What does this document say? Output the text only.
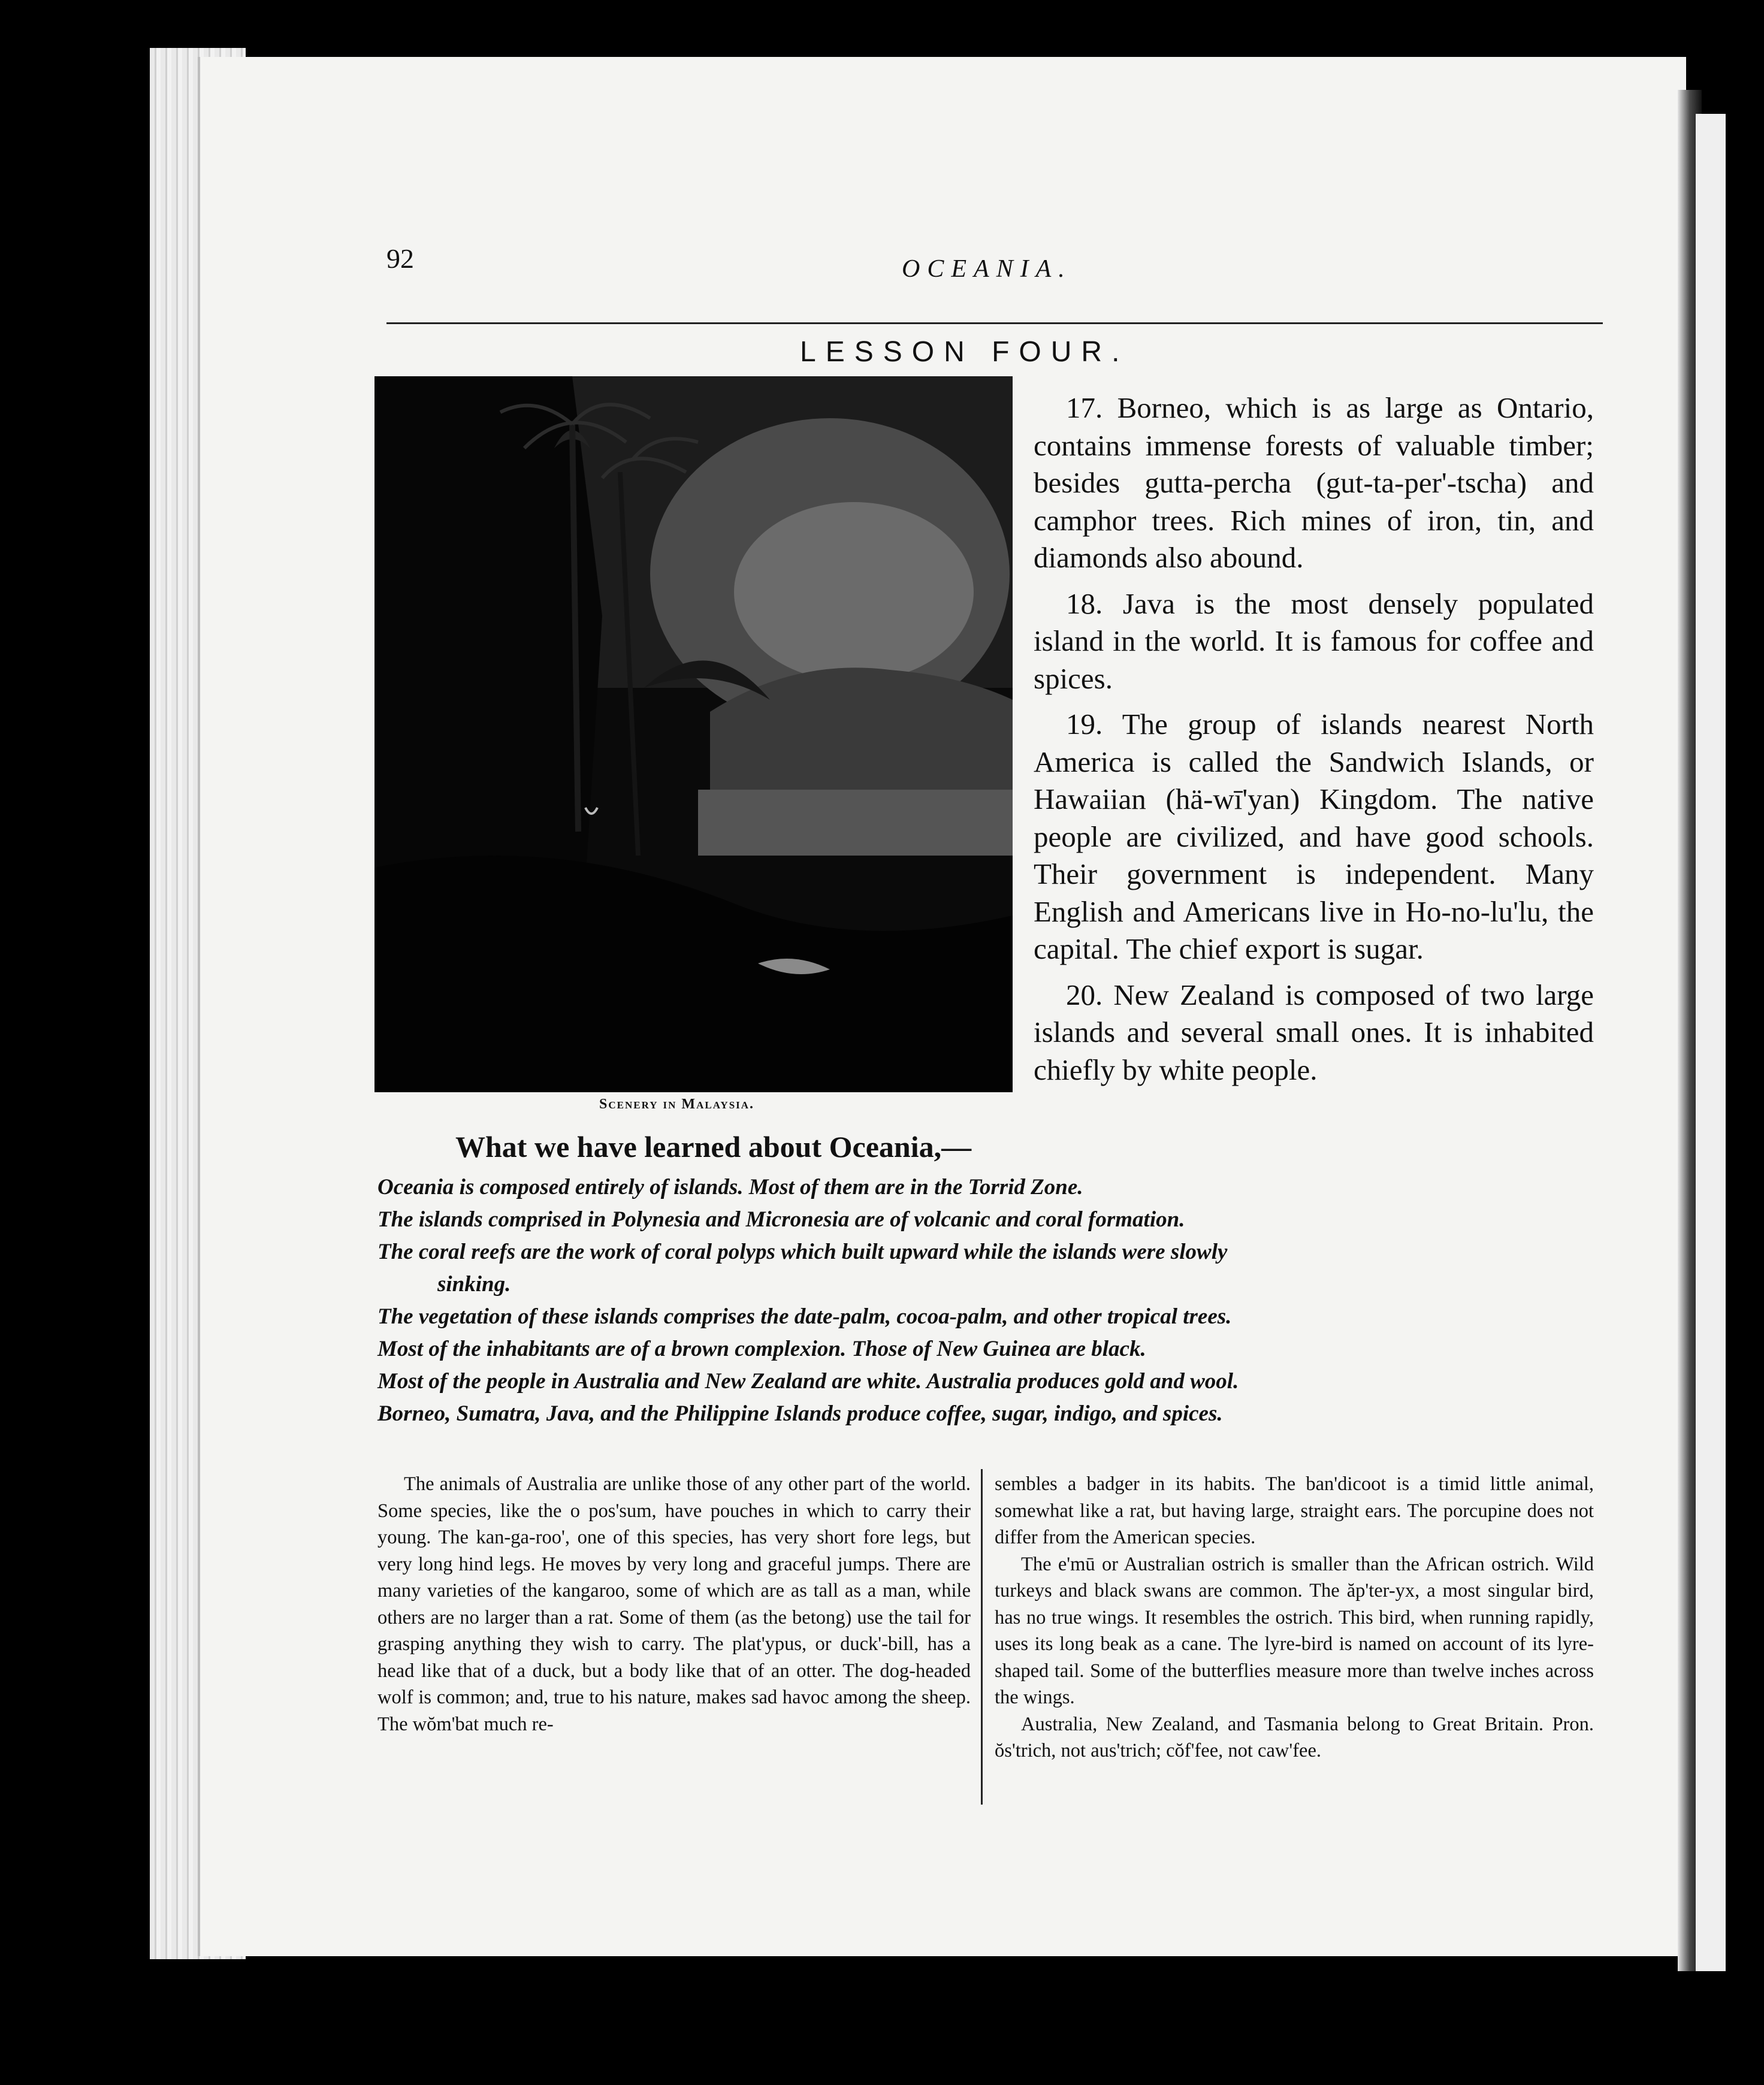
92	OCEANIA.
LESSON FOUR.
Scenery in Malaysia.

17. Borneo, which is as large as Ontario, contains immense forests of valuable timber; besides gutta-percha (gut-ta-per'-tscha) and camphor trees. Rich mines of iron, tin, and diamonds also abound.

18. Java is the most densely populated island in the world. It is famous for coffee and spices.

19. The group of islands nearest North America is called the Sandwich Islands, or Hawaiian (hä-wī'yan) Kingdom. The native people are civilized, and have good schools. Their government is independent. Many English and Americans live in Ho-no-lu'lu, the capital. The chief export is sugar.

20. New Zealand is composed of two large islands and several small ones. It is inhabited chiefly by white people.

What we have learned about Oceania,—
Oceania is composed entirely of islands. Most of them are in the Torrid Zone.
The islands comprised in Polynesia and Micronesia are of volcanic and coral formation.
The coral reefs are the work of coral polyps which built upward while the islands were slowly
sinking.
The vegetation of these islands comprises the date-palm, cocoa-palm, and other tropical trees.
Most of the inhabitants are of a brown complexion. Those of New Guinea are black.
Most of the people in Australia and New Zealand are white. Australia produces gold and wool.
Borneo, Sumatra, Java, and the Philippine Islands produce coffee, sugar, indigo, and spices.

The animals of Australia are unlike those of any other part of the world. Some species, like the o pos'sum, have pouches in which to carry their young. The kan-ga-roo', one of this species, has very short fore legs, but very long hind legs. He moves by very long and graceful jumps. There are many varieties of the kangaroo, some of which are as tall as a man, while others are no larger than a rat. Some of them (as the betong) use the tail for grasping anything they wish to carry. The plat'ypus, or duck'-bill, has a head like that of a duck, but a body like that of an otter. The dog-headed wolf is common; and, true to his nature, makes sad havoc among the sheep. The wŏm'bat much re-

sembles a badger in its habits. The ban'dicoot is a timid little animal, somewhat like a rat, but having large, straight ears. The porcupine does not differ from the American species.

The e'mū or Australian ostrich is smaller than the African ostrich. Wild turkeys and black swans are common. The ăp'ter-yx, a most singular bird, has no true wings. It resembles the ostrich. This bird, when running rapidly, uses its long beak as a cane. The lyre-bird is named on account of its lyre-shaped tail. Some of the butterflies measure more than twelve inches across the wings.

Australia, New Zealand, and Tasmania belong to Great Britain. Pron. ŏs'trich, not aus'trich; cŏf'fee, not caw'fee.
